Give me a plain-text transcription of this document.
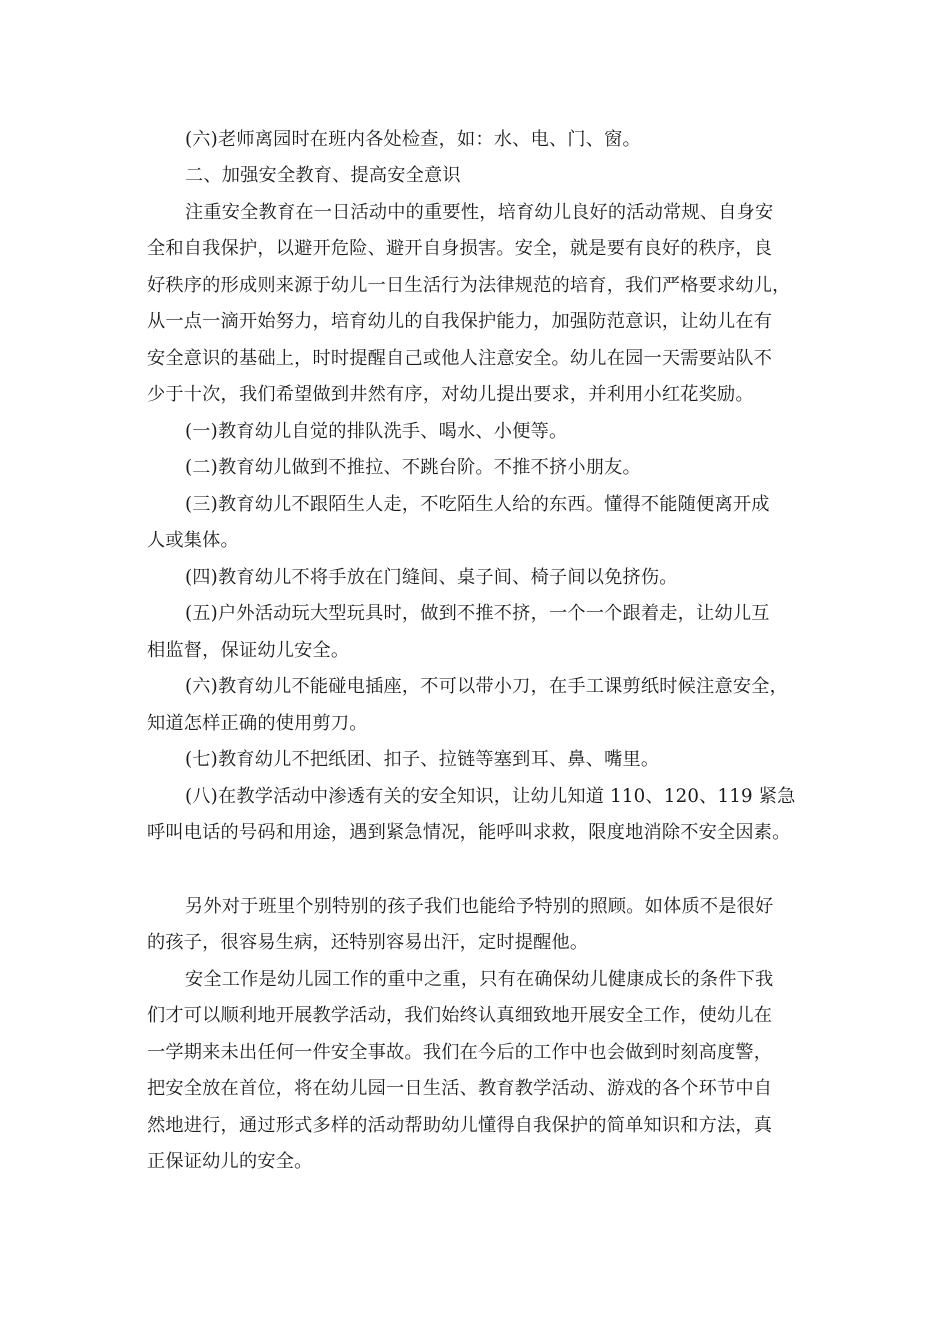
(六)老师离园时在班内各处检查，如：水、电、门、窗。
二、加强安全教育、提高安全意识
注重安全教育在一日活动中的重要性，培育幼儿良好的活动常规、自身安
全和自我保护，以避开危险、避开自身损害。安全，就是要有良好的秩序，良
好秩序的形成则来源于幼儿一日生活行为法律规范的培育，我们严格要求幼儿，
从一点一滴开始努力，培育幼儿的自我保护能力，加强防范意识，让幼儿在有
安全意识的基础上，时时提醒自己或他人注意安全。幼儿在园一天需要站队不
少于十次，我们希望做到井然有序，对幼儿提出要求，并利用小红花奖励。
(一)教育幼儿自觉的排队洗手、喝水、小便等。
(二)教育幼儿做到不推拉、不跳台阶。不推不挤小朋友。
(三)教育幼儿不跟陌生人走，不吃陌生人给的东西。懂得不能随便离开成
人或集体。
(四)教育幼儿不将手放在门缝间、桌子间、椅子间以免挤伤。
(五)户外活动玩大型玩具时，做到不推不挤，一个一个跟着走，让幼儿互
相监督，保证幼儿安全。
(六)教育幼儿不能碰电插座，不可以带小刀，在手工课剪纸时候注意安全，
知道怎样正确的使用剪刀。
(七)教育幼儿不把纸团、扣子、拉链等塞到耳、鼻、嘴里。
(八)在教学活动中渗透有关的安全知识，让幼儿知道 110、120、119 紧急
呼叫电话的号码和用途，遇到紧急情况，能呼叫求救，限度地消除不安全因素。
另外对于班里个别特别的孩子我们也能给予特别的照顾。如体质不是很好
的孩子，很容易生病，还特别容易出汗，定时提醒他。
安全工作是幼儿园工作的重中之重，只有在确保幼儿健康成长的条件下我
们才可以顺利地开展教学活动，我们始终认真细致地开展安全工作，使幼儿在
一学期来未出任何一件安全事故。我们在今后的工作中也会做到时刻高度警，
把安全放在首位，将在幼儿园一日生活、教育教学活动、游戏的各个环节中自
然地进行，通过形式多样的活动帮助幼儿懂得自我保护的简单知识和方法，真
正保证幼儿的安全。
